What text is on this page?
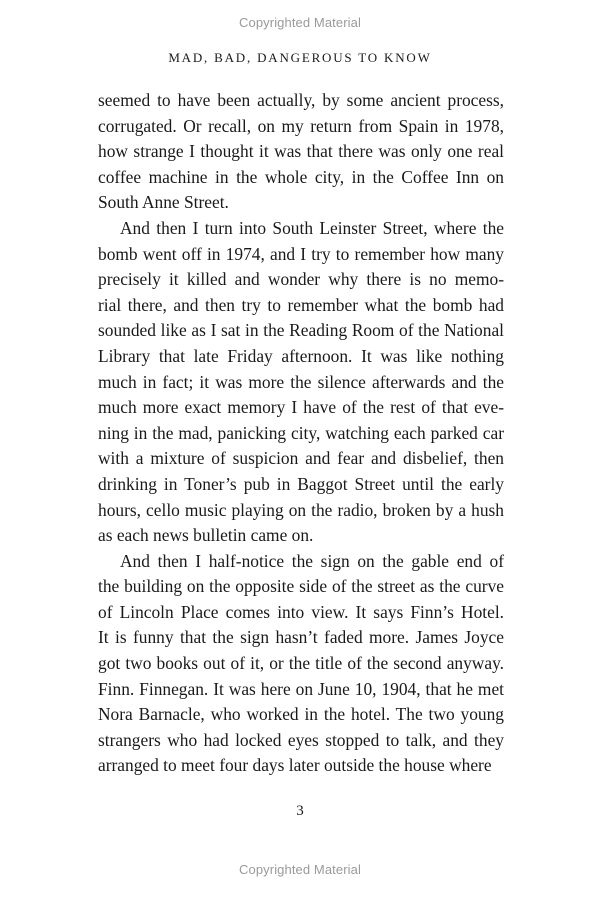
Copyrighted Material
MAD, BAD, DANGEROUS TO KNOW
seemed to have been actually, by some ancient process,
corrugated. Or recall, on my return from Spain in 1978,
how strange I thought it was that there was only one real
coffee machine in the whole city, in the Coffee Inn on
South Anne Street.
And then I turn into South Leinster Street, where the
bomb went off in 1974, and I try to remember how many
precisely it killed and wonder why there is no memo-
rial there, and then try to remember what the bomb had
sounded like as I sat in the Reading Room of the National
Library that late Friday afternoon. It was like nothing
much in fact; it was more the silence afterwards and the
much more exact memory I have of the rest of that eve-
ning in the mad, panicking city, watching each parked car
with a mixture of suspicion and fear and disbelief, then
drinking in Toner’s pub in Baggot Street until the early
hours, cello music playing on the radio, broken by a hush
as each news bulletin came on.
And then I half-notice the sign on the gable end of
the building on the opposite side of the street as the curve
of Lincoln Place comes into view. It says Finn’s Hotel.
It is funny that the sign hasn’t faded more. James Joyce
got two books out of it, or the title of the second anyway.
Finn. Finnegan. It was here on June 10, 1904, that he met
Nora Barnacle, who worked in the hotel. The two young
strangers who had locked eyes stopped to talk, and they
arranged to meet four days later outside the house where
3
Copyrighted Material
